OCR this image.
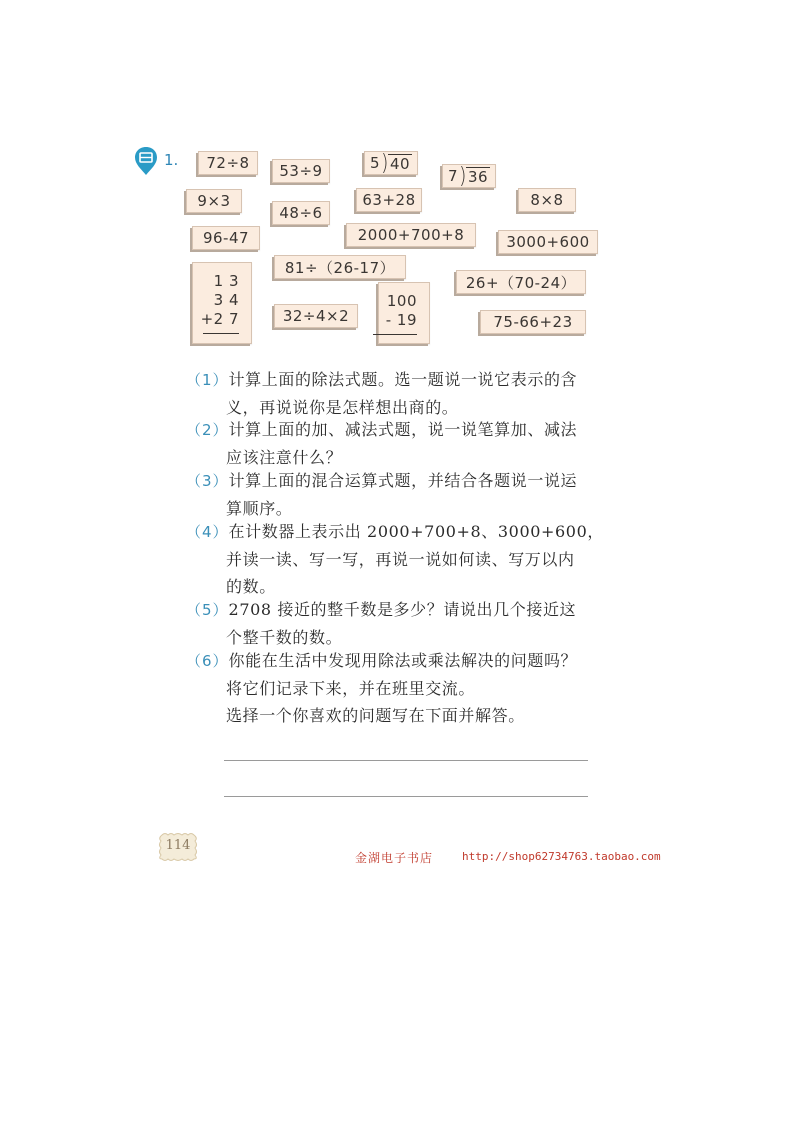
1. 72÷8 53÷9	5 ) 40
7 ) 36
9×3
48÷6
63+28	8×8
96-47	2000+700+8	3000+600
81÷（26-17）
26+（70-24）
1 3
3 4
+2 7
100
- 19
32÷4×2	75-66+23
（1）计算上面的除法式题。选一题说一说它表示的含

义，再说说你是怎样想出商的。
（2）计算上面的加、减法式题，说一说笔算加、减法

应该注意什么？
（3）计算上面的混合运算式题，并结合各题说一说运

算顺序。
（4）在计数器上表示出 2000+700+8、3000+600，

并读一读、写一写，再说一说如何读、写万以内
的数。
（5）2708 接近的整千数是多少？请说出几个接近这

个整千数的数。
（6）你能在生活中发现用除法或乘法解决的问题吗？

将它们记录下来，并在班里交流。
选择一个你喜欢的问题写在下面并解答。
114
金湖电子书店	http://shop62734763.taobao.com
